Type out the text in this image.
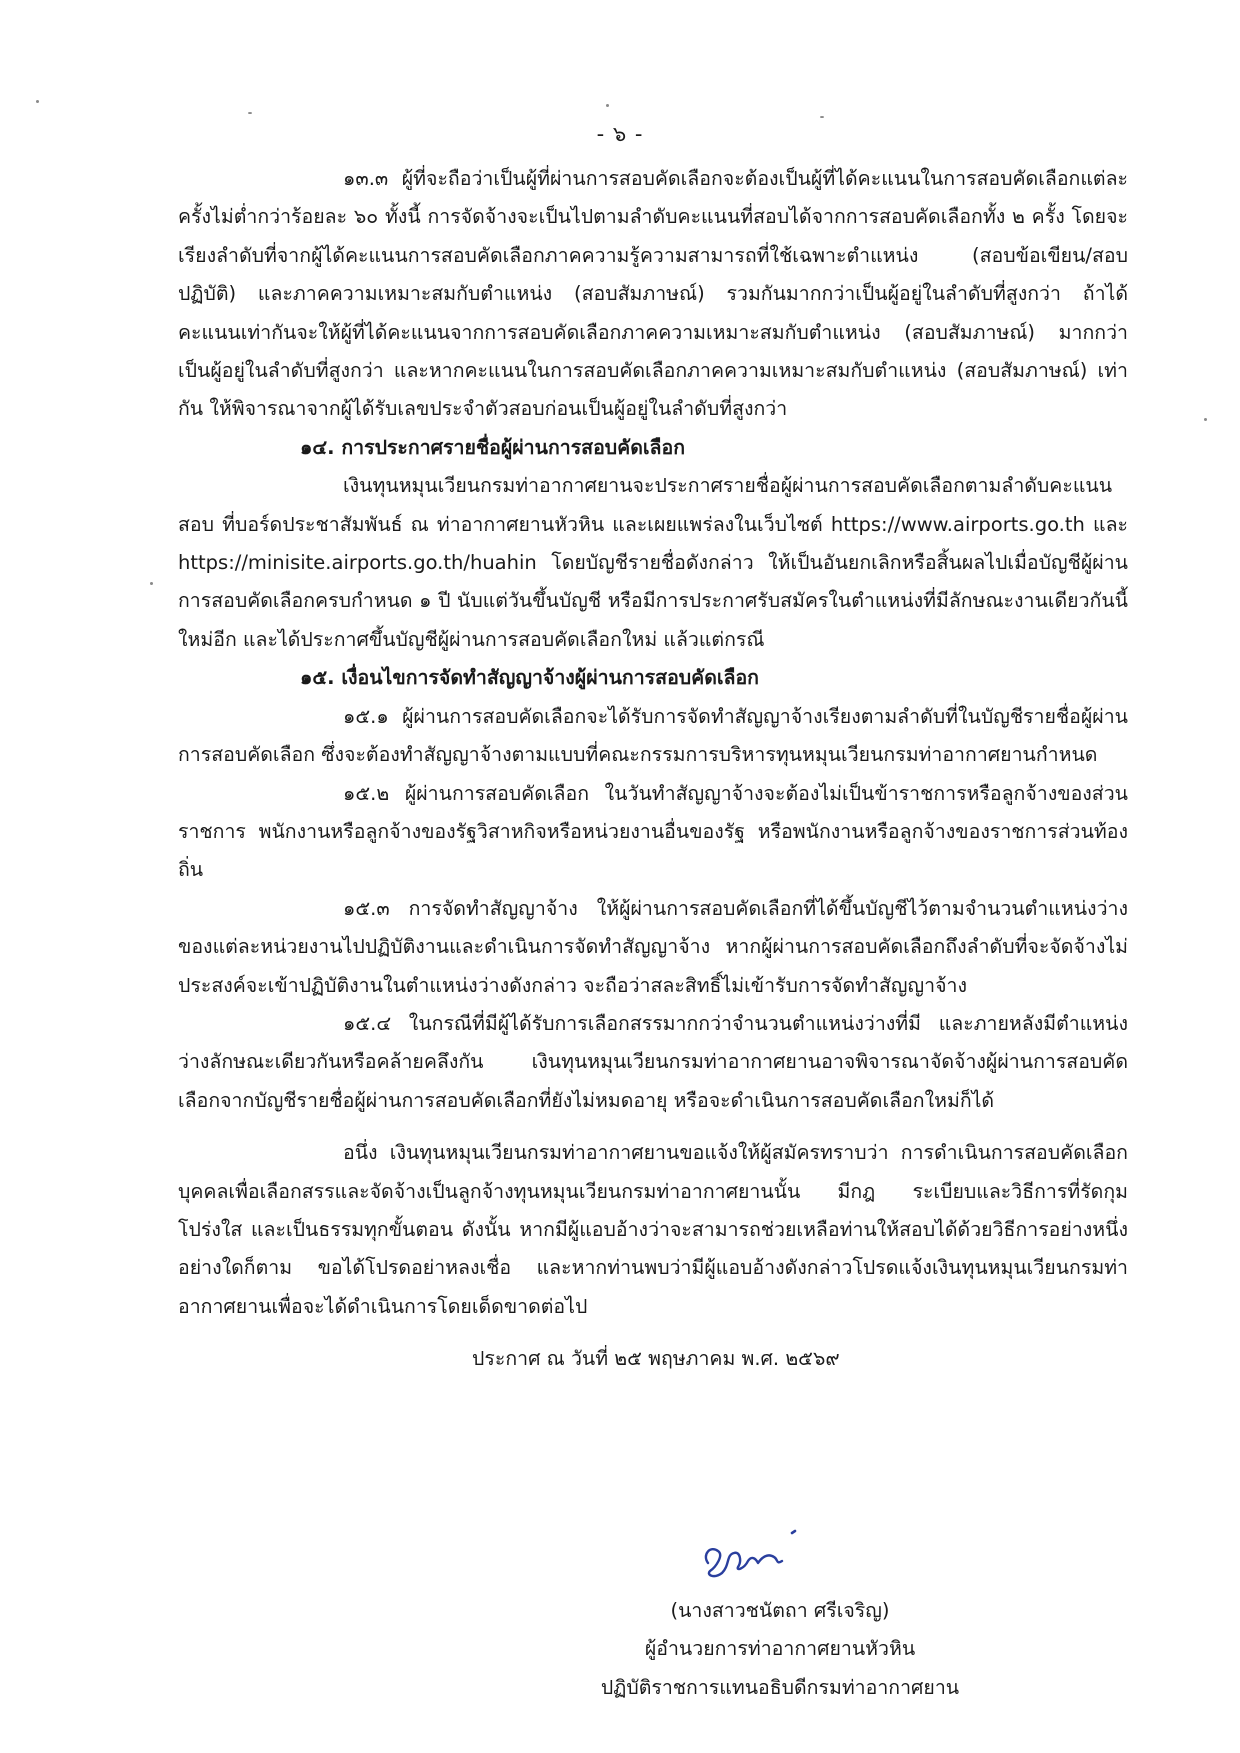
- ๖ -

๑๓.๓ ผู้ที่จะถือว่าเป็นผู้ที่ผ่านการสอบคัดเลือกจะต้องเป็นผู้ที่ได้คะแนนในการสอบคัดเลือกแต่ละครั้งไม่ต่ำกว่าร้อยละ ๖๐ ทั้งนี้ การจัดจ้างจะเป็นไปตามลำดับคะแนนที่สอบได้จากการสอบคัดเลือกทั้ง ๒ ครั้ง โดยจะเรียงลำดับที่จากผู้ได้คะแนนการสอบคัดเลือกภาคความรู้ความสามารถที่ใช้เฉพาะตำแหน่ง (สอบข้อเขียน/สอบปฏิบัติ) และภาคความเหมาะสมกับตำแหน่ง (สอบสัมภาษณ์) รวมกันมากกว่าเป็นผู้อยู่ในลำดับที่สูงกว่า ถ้าได้คะแนนเท่ากันจะให้ผู้ที่ได้คะแนนจากการสอบคัดเลือกภาคความเหมาะสมกับตำแหน่ง (สอบสัมภาษณ์) มากกว่า เป็นผู้อยู่ในลำดับที่สูงกว่า และหากคะแนนในการสอบคัดเลือกภาคความเหมาะสมกับตำแหน่ง (สอบสัมภาษณ์) เท่ากัน ให้พิจารณาจากผู้ได้รับเลขประจำตัวสอบก่อนเป็นผู้อยู่ในลำดับที่สูงกว่า

๑๔. การประกาศรายชื่อผู้ผ่านการสอบคัดเลือก

เงินทุนหมุนเวียนกรมท่าอากาศยานจะประกาศรายชื่อผู้ผ่านการสอบคัดเลือกตามลำดับคะแนนสอบ ที่บอร์ดประชาสัมพันธ์ ณ ท่าอากาศยานหัวหิน และเผยแพร่ลงในเว็บไซต์ https://www.airports.go.th และ https://minisite.airports.go.th/huahin โดยบัญชีรายชื่อดังกล่าว ให้เป็นอันยกเลิกหรือสิ้นผลไปเมื่อบัญชีผู้ผ่านการสอบคัดเลือกครบกำหนด ๑ ปี นับแต่วันขึ้นบัญชี หรือมีการประกาศรับสมัครในตำแหน่งที่มีลักษณะงานเดียวกันนี้ใหม่อีก และได้ประกาศขึ้นบัญชีผู้ผ่านการสอบคัดเลือกใหม่ แล้วแต่กรณี

๑๕. เงื่อนไขการจัดทำสัญญาจ้างผู้ผ่านการสอบคัดเลือก

๑๕.๑ ผู้ผ่านการสอบคัดเลือกจะได้รับการจัดทำสัญญาจ้างเรียงตามลำดับที่ในบัญชีรายชื่อผู้ผ่านการสอบคัดเลือก ซึ่งจะต้องทำสัญญาจ้างตามแบบที่คณะกรรมการบริหารทุนหมุนเวียนกรมท่าอากาศยานกำหนด

๑๕.๒ ผู้ผ่านการสอบคัดเลือก ในวันทำสัญญาจ้างจะต้องไม่เป็นข้าราชการหรือลูกจ้างของส่วนราชการ พนักงานหรือลูกจ้างของรัฐวิสาหกิจหรือหน่วยงานอื่นของรัฐ หรือพนักงานหรือลูกจ้างของราชการส่วนท้องถิ่น

๑๕.๓ การจัดทำสัญญาจ้าง ให้ผู้ผ่านการสอบคัดเลือกที่ได้ขึ้นบัญชีไว้ตามจำนวนตำแหน่งว่างของแต่ละหน่วยงานไปปฏิบัติงานและดำเนินการจัดทำสัญญาจ้าง หากผู้ผ่านการสอบคัดเลือกถึงลำดับที่จะจัดจ้างไม่ประสงค์จะเข้าปฏิบัติงานในตำแหน่งว่างดังกล่าว จะถือว่าสละสิทธิ์ไม่เข้ารับการจัดทำสัญญาจ้าง

๑๕.๔ ในกรณีที่มีผู้ได้รับการเลือกสรรมากกว่าจำนวนตำแหน่งว่างที่มี และภายหลังมีตำแหน่งว่างลักษณะเดียวกันหรือคล้ายคลึงกัน เงินทุนหมุนเวียนกรมท่าอากาศยานอาจพิจารณาจัดจ้างผู้ผ่านการสอบคัดเลือกจากบัญชีรายชื่อผู้ผ่านการสอบคัดเลือกที่ยังไม่หมดอายุ หรือจะดำเนินการสอบคัดเลือกใหม่ก็ได้

อนึ่ง เงินทุนหมุนเวียนกรมท่าอากาศยานขอแจ้งให้ผู้สมัครทราบว่า การดำเนินการสอบคัดเลือกบุคคลเพื่อเลือกสรรและจัดจ้างเป็นลูกจ้างทุนหมุนเวียนกรมท่าอากาศยานนั้น มีกฎ ระเบียบและวิธีการที่รัดกุม โปร่งใส และเป็นธรรมทุกขั้นตอน ดังนั้น หากมีผู้แอบอ้างว่าจะสามารถช่วยเหลือท่านให้สอบได้ด้วยวิธีการอย่างหนึ่งอย่างใดก็ตาม ขอได้โปรดอย่าหลงเชื่อ และหากท่านพบว่ามีผู้แอบอ้างดังกล่าวโปรดแจ้งเงินทุนหมุนเวียนกรมท่าอากาศยานเพื่อจะได้ดำเนินการโดยเด็ดขาดต่อไป

ประกาศ ณ วันที่ ๒๕ พฤษภาคม พ.ศ. ๒๕๖๙

(นางสาวชนัตถา ศรีเจริญ)
ผู้อำนวยการท่าอากาศยานหัวหิน
ปฏิบัติราชการแทนอธิบดีกรมท่าอากาศยาน
